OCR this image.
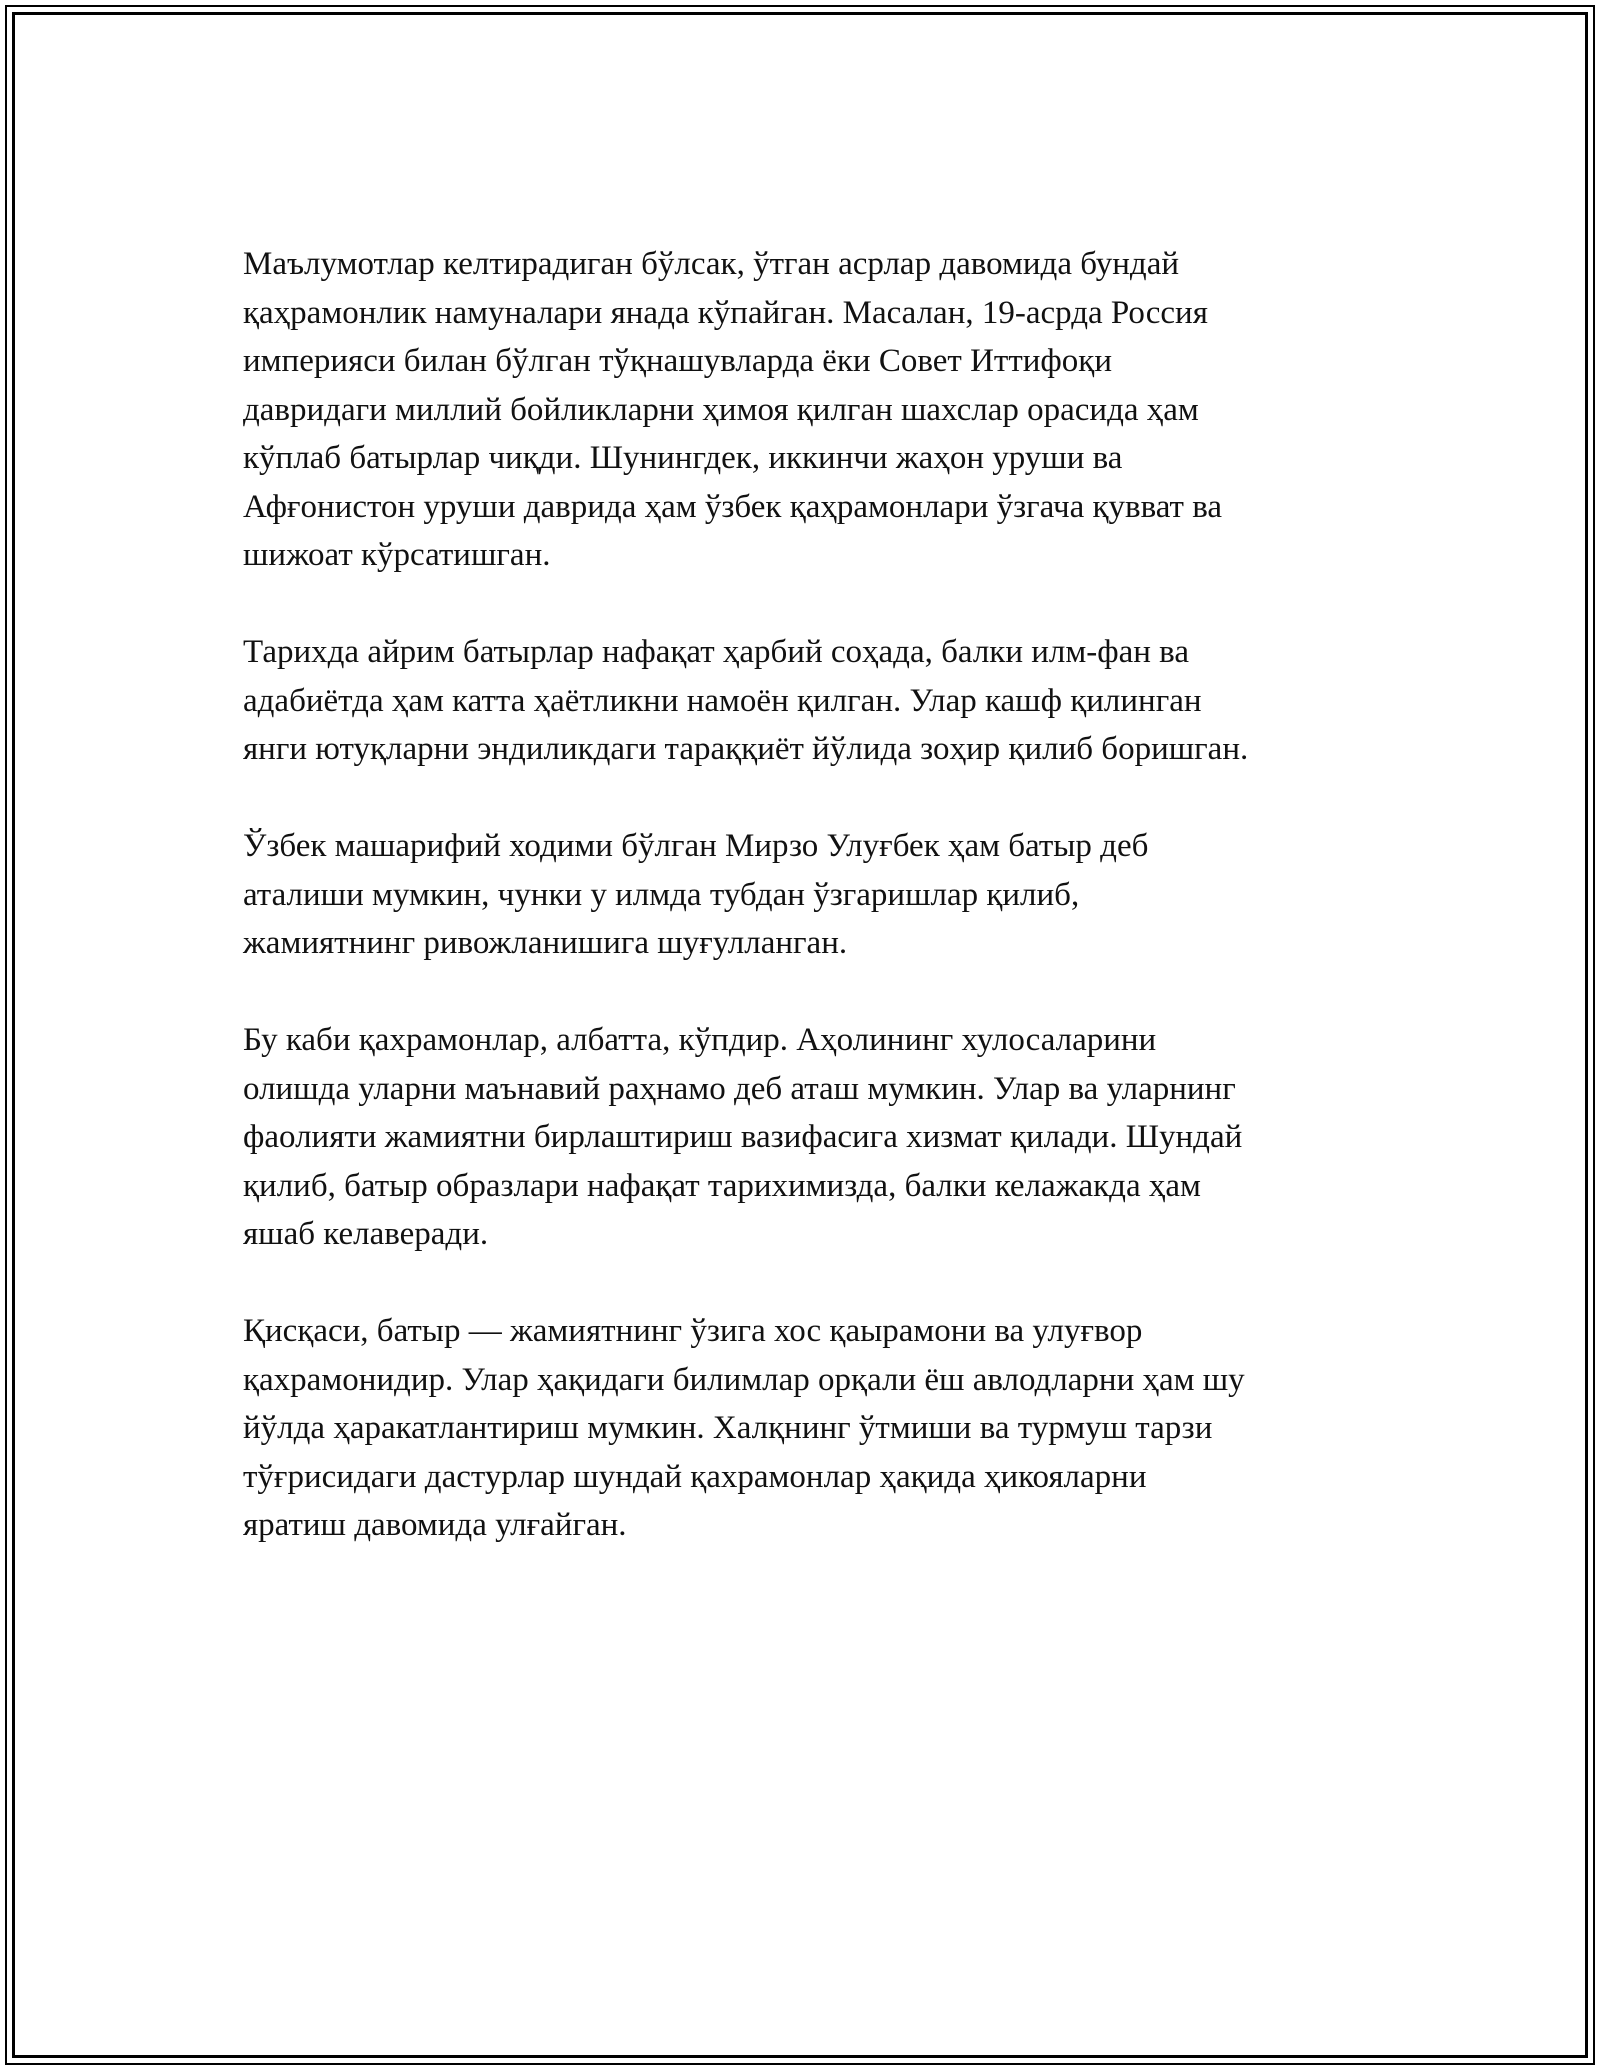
Маълумотлар келтирадиган бўлсак, ўтган асрлар давомида бундай
қаҳрамонлик намуналари янада кўпайган. Масалан, 19-асрда Россия
империяси билан бўлган тўқнашувларда ёки Совет Иттифоқи
давридаги миллий бойликларни ҳимоя қилган шахслар орасида ҳам
кўплаб батырлар чиқди. Шунингдек, иккинчи жаҳон уруши ва
Афғонистон уруши даврида ҳам ўзбек қаҳрамонлари ўзгача қувват ва
шижоат кўрсатишган.

Тарихда айрим батырлар нафақат ҳарбий соҳада, балки илм-фан ва
адабиётда ҳам катта ҳаётликни намоён қилган. Улар кашф қилинган
янги ютуқларни эндиликдаги тараққиёт йўлида зоҳир қилиб боришган.

Ўзбек машарифий ходими бўлган Мирзо Улуғбек ҳам батыр деб
аталиши мумкин, чунки у илмда тубдан ўзгаришлар қилиб,
жамиятнинг ривожланишига шуғулланган.

Бу каби қахрамонлар, албатта, кўпдир. Аҳолининг хулосаларини
олишда уларни маънавий раҳнамо деб аташ мумкин. Улар ва уларнинг
фаолияти жамиятни бирлаштириш вазифасига хизмат қилади. Шундай
қилиб, батыр образлари нафақат тарихимизда, балки келажакда ҳам
яшаб келаверади.

Қисқаси, батыр — жамиятнинг ўзига хос қаырамони ва улуғвор
қахрамонидир. Улар ҳақидаги билимлар орқали ёш авлодларни ҳам шу
йўлда ҳаракатлантириш мумкин. Халқнинг ўтмиши ва турмуш тарзи
тўғрисидаги дастурлар шундай қахрамонлар ҳақида ҳикояларни
яратиш давомида улғайган.
